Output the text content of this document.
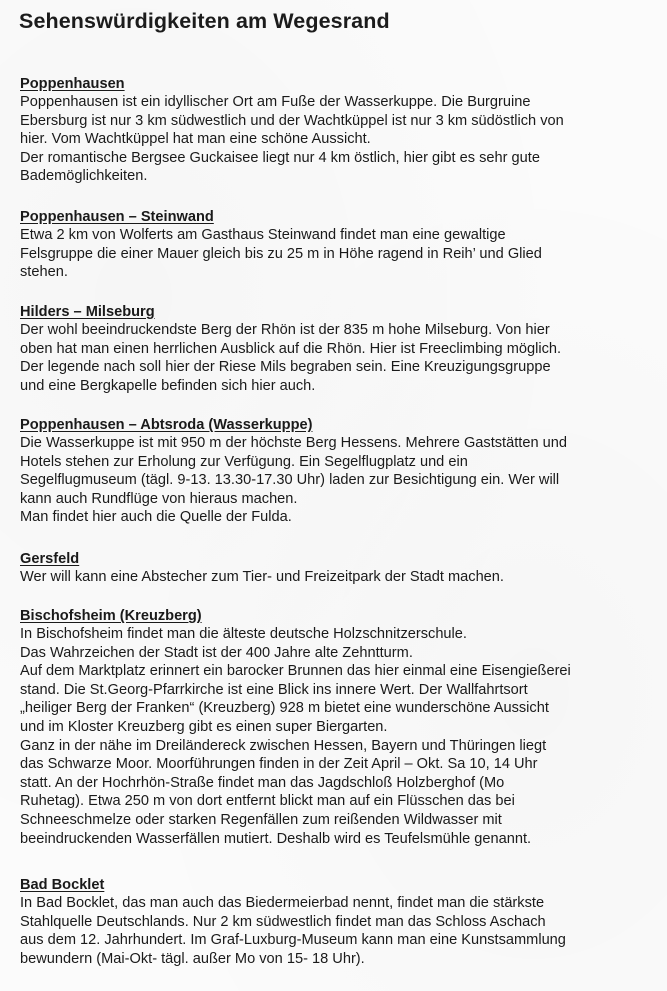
Sehenswürdigkeiten am Wegesrand
Poppenhausen

Poppenhausen ist ein idyllischer Ort am Fuße der Wasserkuppe. Die Burgruine

Ebersburg ist nur 3 km südwestlich und der Wachtküppel ist nur 3 km südöstlich von

hier. Vom Wachtküppel hat man eine schöne Aussicht.

Der romantische Bergsee Guckaisee liegt nur 4 km östlich, hier gibt es sehr gute

Bademöglichkeiten.

Poppenhausen – Steinwand

Etwa 2 km von Wolferts am Gasthaus Steinwand findet man eine gewaltige

Felsgruppe die einer Mauer gleich bis zu 25 m in Höhe ragend in Reih’ und Glied

stehen.

Hilders – Milseburg

Der wohl beeindruckendste Berg der Rhön ist der 835 m hohe Milseburg. Von hier

oben hat man einen herrlichen Ausblick auf die Rhön. Hier ist Freeclimbing möglich.

Der legende nach soll hier der Riese Mils begraben sein. Eine Kreuzigungsgruppe

und eine Bergkapelle befinden sich hier auch.

Poppenhausen – Abtsroda (Wasserkuppe)

Die Wasserkuppe ist mit 950 m der höchste Berg Hessens. Mehrere Gaststätten und

Hotels stehen zur Erholung zur Verfügung. Ein Segelflugplatz und ein

Segelflugmuseum (tägl. 9-13. 13.30-17.30 Uhr) laden zur Besichtigung ein. Wer will

kann auch Rundflüge von hieraus machen.

Man findet hier auch die Quelle der Fulda.

Gersfeld

Wer will kann eine Abstecher zum Tier- und Freizeitpark der Stadt machen.

Bischofsheim (Kreuzberg)

In Bischofsheim findet man die älteste deutsche Holzschnitzerschule.

Das Wahrzeichen der Stadt ist der 400 Jahre alte Zehntturm.

Auf dem Marktplatz erinnert ein barocker Brunnen das hier einmal eine Eisengießerei

stand. Die St.Georg-Pfarrkirche ist eine Blick ins innere Wert. Der Wallfahrtsort

„heiliger Berg der Franken“ (Kreuzberg) 928 m bietet eine wunderschöne Aussicht

und im Kloster Kreuzberg gibt es einen super Biergarten.

Ganz in der nähe im Dreiländereck zwischen Hessen, Bayern und Thüringen liegt

das Schwarze Moor. Moorführungen finden in der Zeit April – Okt. Sa 10, 14 Uhr

statt. An der Hochrhön-Straße findet man das Jagdschloß Holzberghof (Mo

Ruhetag). Etwa 250 m von dort entfernt blickt man auf ein Flüsschen das bei

Schneeschmelze oder starken Regenfällen zum reißenden Wildwasser mit

beeindruckenden Wasserfällen mutiert. Deshalb wird es Teufelsmühle genannt.

Bad Bocklet

In Bad Bocklet, das man auch das Biedermeierbad nennt, findet man die stärkste

Stahlquelle Deutschlands. Nur 2 km südwestlich findet man das Schloss Aschach

aus dem 12. Jahrhundert. Im Graf-Luxburg-Museum kann man eine Kunstsammlung

bewundern (Mai-Okt- tägl. außer Mo von 15- 18 Uhr).
